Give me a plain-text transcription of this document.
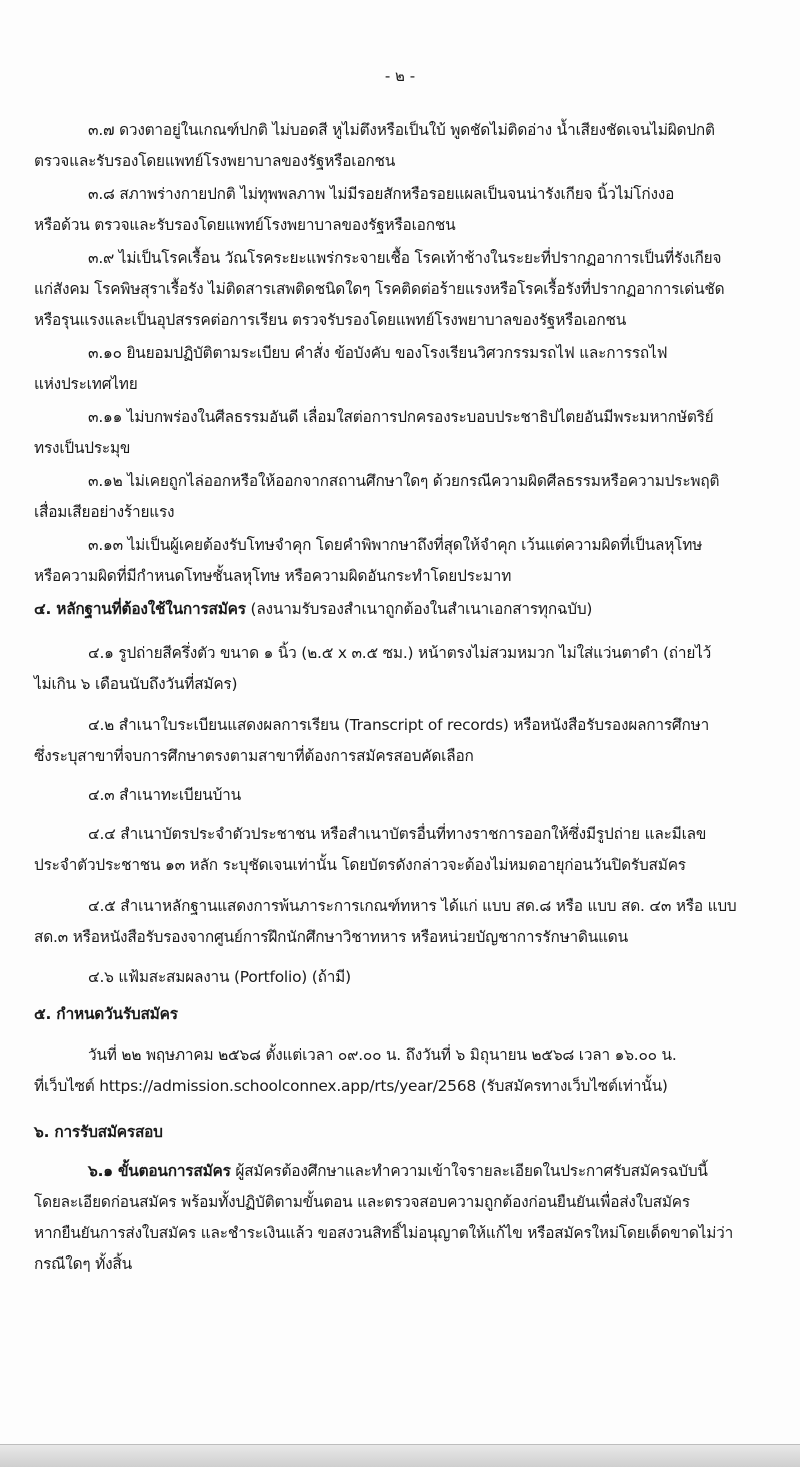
- ๒ -
๓.๗ ดวงตาอยู่ในเกณฑ์ปกติ ไม่บอดสี หูไม่ตึงหรือเป็นใบ้ พูดชัดไม่ติดอ่าง น้ำเสียงชัดเจนไม่ผิดปกติ
ตรวจและรับรองโดยแพทย์โรงพยาบาลของรัฐหรือเอกชน
๓.๘ สภาพร่างกายปกติ ไม่ทุพพลภาพ ไม่มีรอยสักหรือรอยแผลเป็นจนน่ารังเกียจ นิ้วไม่โก่งงอ
หรือด้วน ตรวจและรับรองโดยแพทย์โรงพยาบาลของรัฐหรือเอกชน
๓.๙ ไม่เป็นโรคเรื้อน วัณโรคระยะแพร่กระจายเชื้อ โรคเท้าช้างในระยะที่ปรากฏอาการเป็นที่รังเกียจ
แก่สังคม โรคพิษสุราเรื้อรัง ไม่ติดสารเสพติดชนิดใดๆ โรคติดต่อร้ายแรงหรือโรคเรื้อรังที่ปรากฏอาการเด่นชัด
หรือรุนแรงและเป็นอุปสรรคต่อการเรียน ตรวจรับรองโดยแพทย์โรงพยาบาลของรัฐหรือเอกชน
๓.๑๐ ยินยอมปฏิบัติตามระเบียบ คำสั่ง ข้อบังคับ ของโรงเรียนวิศวกรรมรถไฟ และการรถไฟ
แห่งประเทศไทย
๓.๑๑ ไม่บกพร่องในศีลธรรมอันดี เลื่อมใสต่อการปกครองระบอบประชาธิปไตยอันมีพระมหากษัตริย์
ทรงเป็นประมุข
๓.๑๒ ไม่เคยถูกไล่ออกหรือให้ออกจากสถานศึกษาใดๆ ด้วยกรณีความผิดศีลธรรมหรือความประพฤติ
เสื่อมเสียอย่างร้ายแรง
๓.๑๓ ไม่เป็นผู้เคยต้องรับโทษจำคุก โดยคำพิพากษาถึงที่สุดให้จำคุก เว้นแต่ความผิดที่เป็นลหุโทษ
หรือความผิดที่มีกำหนดโทษชั้นลหุโทษ หรือความผิดอันกระทำโดยประมาท
๔. หลักฐานที่ต้องใช้ในการสมัคร (ลงนามรับรองสำเนาถูกต้องในสำเนาเอกสารทุกฉบับ)
๔.๑ รูปถ่ายสีครึ่งตัว ขนาด ๑ นิ้ว (๒.๕ x ๓.๕ ซม.) หน้าตรงไม่สวมหมวก ไม่ใส่แว่นตาดำ (ถ่ายไว้
ไม่เกิน ๖ เดือนนับถึงวันที่สมัคร)
๔.๒ สำเนาใบระเบียนแสดงผลการเรียน (Transcript of records) หรือหนังสือรับรองผลการศึกษา
ซึ่งระบุสาขาที่จบการศึกษาตรงตามสาขาที่ต้องการสมัครสอบคัดเลือก
๔.๓ สำเนาทะเบียนบ้าน
๔.๔ สำเนาบัตรประจำตัวประชาชน หรือสำเนาบัตรอื่นที่ทางราชการออกให้ซึ่งมีรูปถ่าย และมีเลข
ประจำตัวประชาชน ๑๓ หลัก ระบุชัดเจนเท่านั้น โดยบัตรดังกล่าวจะต้องไม่หมดอายุก่อนวันปิดรับสมัคร
๔.๕ สำเนาหลักฐานแสดงการพ้นภาระการเกณฑ์ทหาร ได้แก่ แบบ สด.๘ หรือ แบบ สด. ๔๓ หรือ แบบ
สด.๓ หรือหนังสือรับรองจากศูนย์การฝึกนักศึกษาวิชาทหาร หรือหน่วยบัญชาการรักษาดินแดน
๔.๖ แฟ้มสะสมผลงาน (Portfolio) (ถ้ามี)
๕. กำหนดวันรับสมัคร
วันที่ ๒๒ พฤษภาคม ๒๕๖๘ ตั้งแต่เวลา ๐๙.๐๐ น. ถึงวันที่ ๖ มิถุนายน ๒๕๖๘ เวลา ๑๖.๐๐ น.
ที่เว็บไซต์ https://admission.schoolconnex.app/rts/year/2568 (รับสมัครทางเว็บไซต์เท่านั้น)
๖. การรับสมัครสอบ
๖.๑ ขั้นตอนการสมัคร ผู้สมัครต้องศึกษาและทำความเข้าใจรายละเอียดในประกาศรับสมัครฉบับนี้
โดยละเอียดก่อนสมัคร พร้อมทั้งปฏิบัติตามขั้นตอน และตรวจสอบความถูกต้องก่อนยืนยันเพื่อส่งใบสมัคร
หากยืนยันการส่งใบสมัคร และชำระเงินแล้ว ขอสงวนสิทธิ์ไม่อนุญาตให้แก้ไข หรือสมัครใหม่โดยเด็ดขาดไม่ว่า
กรณีใดๆ ทั้งสิ้น
